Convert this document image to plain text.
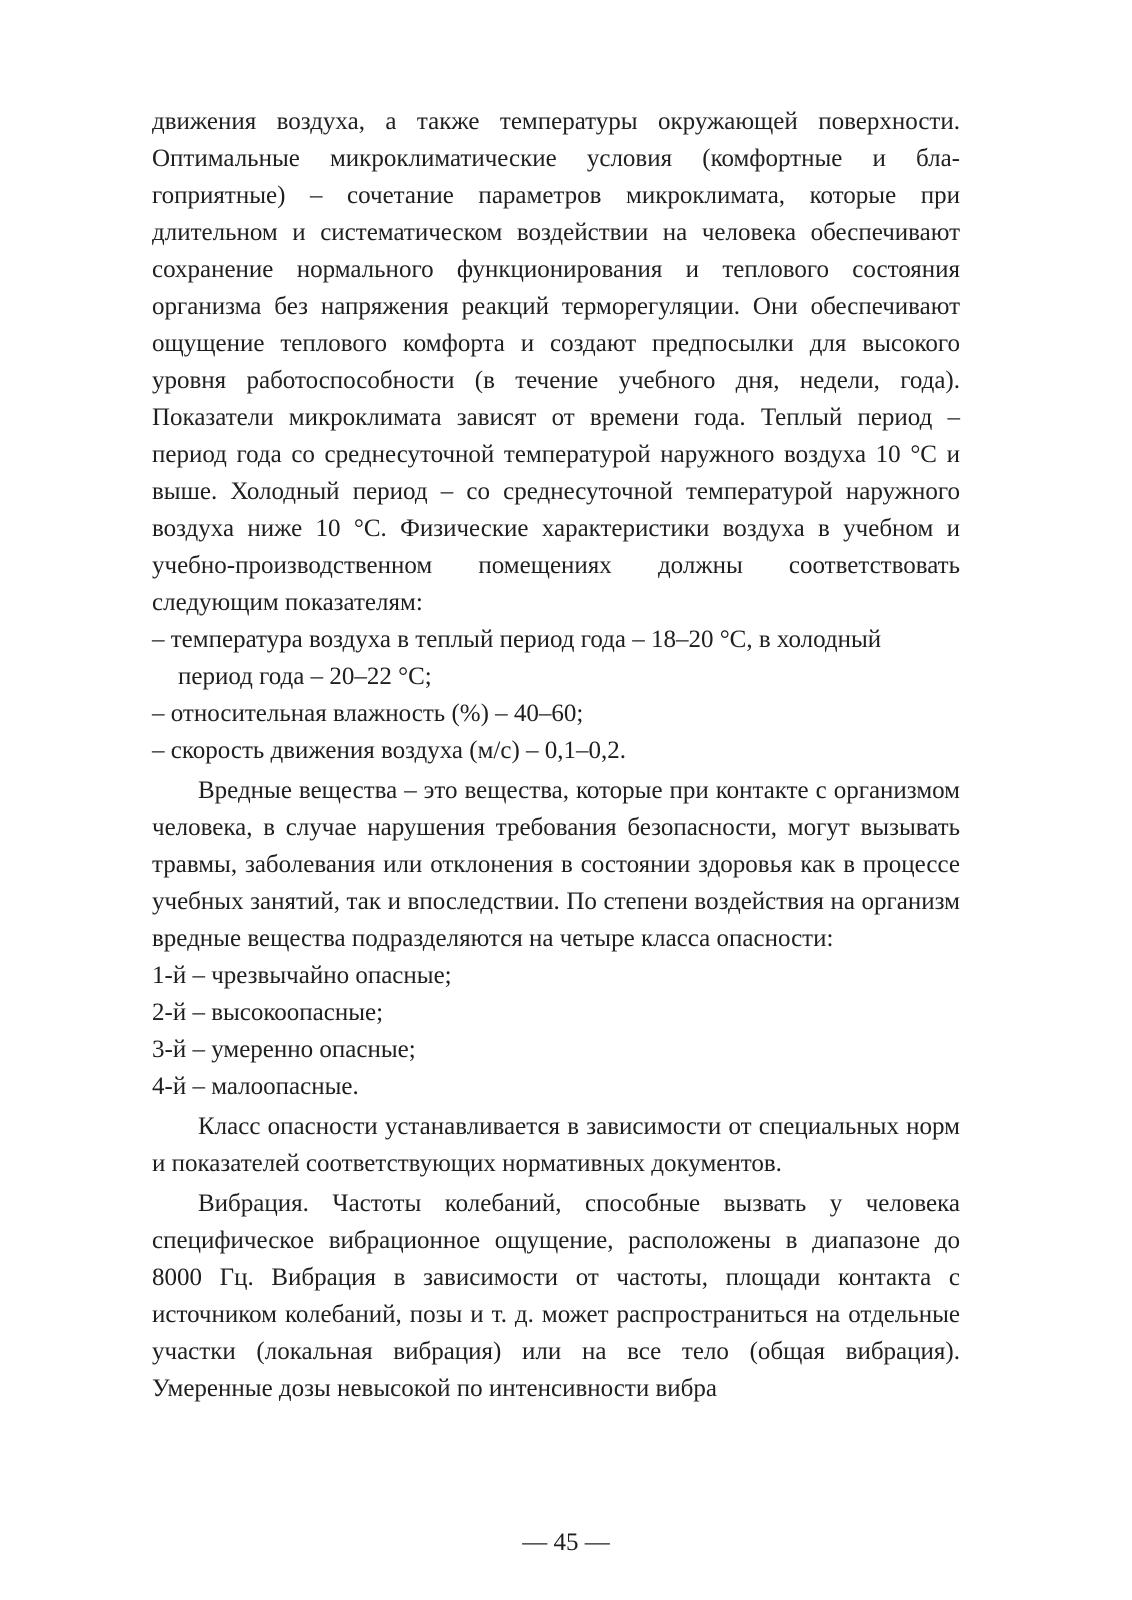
движения воздуха, а также температуры окружающей поверхности. Оптимальные микроклиматические условия (комфортные и благоприятные) – сочетание параметров микроклимата, которые при длительном и систематическом воздействии на человека обеспечивают сохранение нормального функционирования и теплового состояния организма без напряжения реакций терморегуляции. Они обеспечивают ощущение теплового комфорта и создают предпосылки для высокого уровня работоспособности (в течение учебного дня, недели, года). Показатели микроклимата зависят от времени года. Теплый период – период года со среднесуточной температурой наружного воздуха 10 °С и выше. Холодный период – со среднесуточной температурой наружного воздуха ниже 10 °С. Физические характеристики воздуха в учебном и учебно-производственном помещениях должны соответствовать следующим показателям:

– температура воздуха в теплый период года – 18–20 °С, в холодный период года – 20–22 °С;
– относительная влажность (%) – 40–60;
– скорость движения воздуха (м/с) – 0,1–0,2.

Вредные вещества – это вещества, которые при контакте с организмом человека, в случае нарушения требования безопасности, могут вызывать травмы, заболевания или отклонения в состоянии здоровья как в процессе учебных занятий, так и впоследствии. По степени воздействия на организм вредные вещества подразделяются на четыре класса опасности:

1-й – чрезвычайно опасные;
2-й – высокоопасные;
3-й – умеренно опасные;
4-й – малоопасные.

Класс опасности устанавливается в зависимости от специальных норм и показателей соответствующих нормативных документов.

Вибрация. Частоты колебаний, способные вызвать у человека специфическое вибрационное ощущение, расположены в диапазоне до 8000 Гц. Вибрация в зависимости от частоты, площади контакта с источником колебаний, позы и т. д. может распространиться на отдельные участки (локальная вибрация) или на все тело (общая вибрация). Умеренные дозы невысокой по интенсивности вибра

— 45 —
